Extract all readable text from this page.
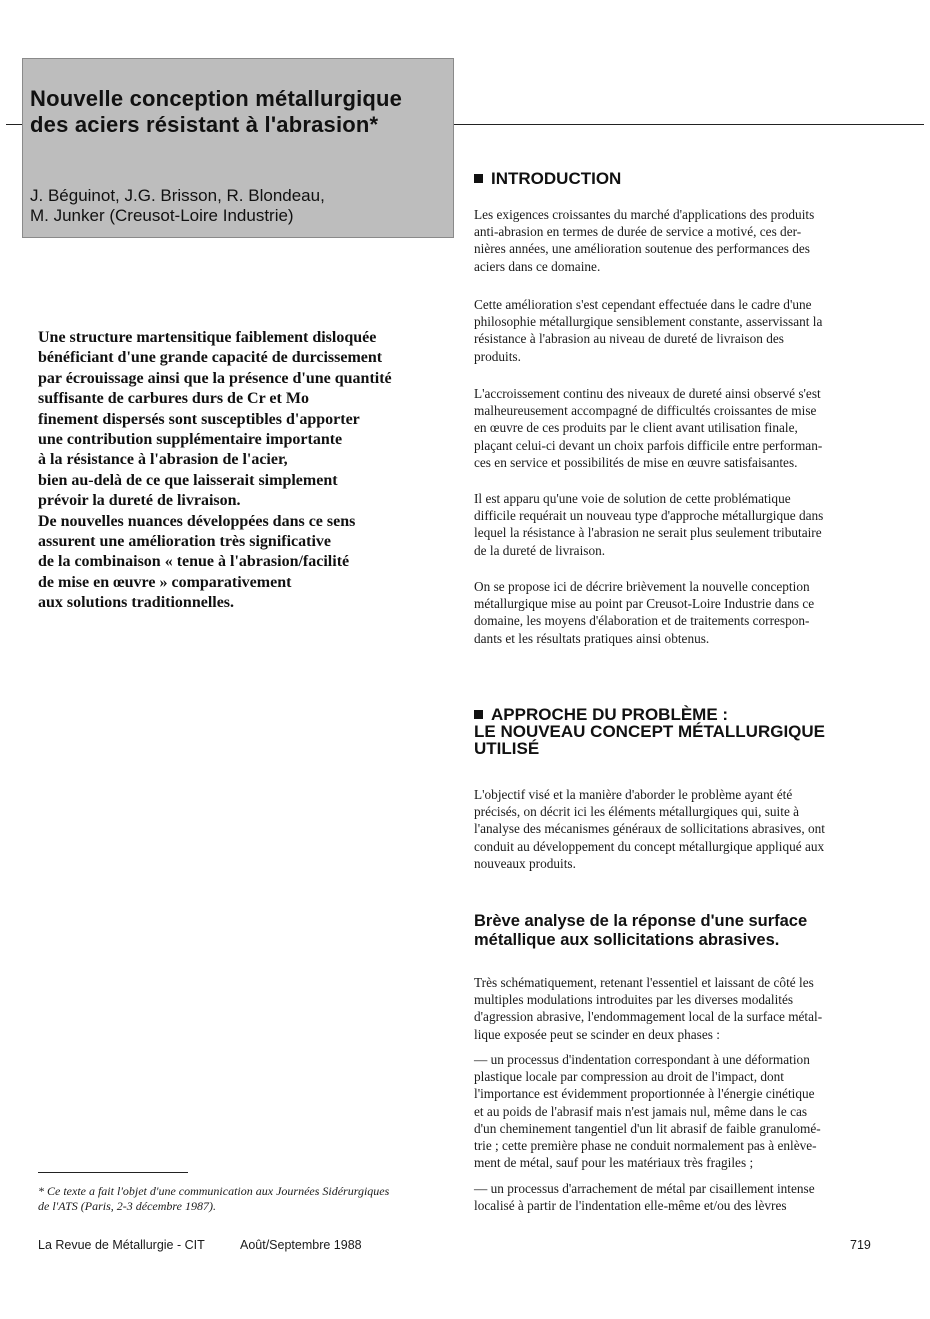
Nouvelle conception métallurgique
des aciers résistant à l'abrasion*
J. Béguinot, J.G. Brisson, R. Blondeau,
M. Junker (Creusot-Loire Industrie)
Une structure martensitique faiblement disloquée
bénéficiant d'une grande capacité de durcissement
par écrouissage ainsi que la présence d'une quantité
suffisante de carbures durs de Cr et Mo
finement dispersés sont susceptibles d'apporter
une contribution supplémentaire importante
à la résistance à l'abrasion de l'acier,
bien au-delà de ce que laisserait simplement
prévoir la dureté de livraison.
De nouvelles nuances développées dans ce sens
assurent une amélioration très significative
de la combinaison « tenue à l'abrasion/facilité
de mise en œuvre » comparativement
aux solutions traditionnelles.
INTRODUCTION
Les exigences croissantes du marché d'applications des produits
anti-abrasion en termes de durée de service a motivé, ces der-
nières années, une amélioration soutenue des performances des
aciers dans ce domaine.
Cette amélioration s'est cependant effectuée dans le cadre d'une
philosophie métallurgique sensiblement constante, asservissant la
résistance à l'abrasion au niveau de dureté de livraison des
produits.
L'accroissement continu des niveaux de dureté ainsi observé s'est
malheureusement accompagné de difficultés croissantes de mise
en œuvre de ces produits par le client avant utilisation finale,
plaçant celui-ci devant un choix parfois difficile entre performan-
ces en service et possibilités de mise en œuvre satisfaisantes.
Il est apparu qu'une voie de solution de cette problématique
difficile requérait un nouveau type d'approche métallurgique dans
lequel la résistance à l'abrasion ne serait plus seulement tributaire
de la dureté de livraison.
On se propose ici de décrire brièvement la nouvelle conception
métallurgique mise au point par Creusot-Loire Industrie dans ce
domaine, les moyens d'élaboration et de traitements correspon-
dants et les résultats pratiques ainsi obtenus.
APPROCHE DU PROBLÈME :
LE NOUVEAU CONCEPT MÉTALLURGIQUE
UTILISÉ
L'objectif visé et la manière d'aborder le problème ayant été
précisés, on décrit ici les éléments métallurgiques qui, suite à
l'analyse des mécanismes généraux de sollicitations abrasives, ont
conduit au développement du concept métallurgique appliqué aux
nouveaux produits.
Brève analyse de la réponse d'une surface
métallique aux sollicitations abrasives.
Très schématiquement, retenant l'essentiel et laissant de côté les
multiples modulations introduites par les diverses modalités
d'agression abrasive, l'endommagement local de la surface métal-
lique exposée peut se scinder en deux phases :
— un processus d'indentation correspondant à une déformation
plastique locale par compression au droit de l'impact, dont
l'importance est évidemment proportionnée à l'énergie cinétique
et au poids de l'abrasif mais n'est jamais nul, même dans le cas
d'un cheminement tangentiel d'un lit abrasif de faible granulomé-
trie ; cette première phase ne conduit normalement pas à enlève-
ment de métal, sauf pour les matériaux très fragiles ;
— un processus d'arrachement de métal par cisaillement intense
localisé à partir de l'indentation elle-même et/ou des lèvres
* Ce texte a fait l'objet d'une communication aux Journées Sidérurgiques
de l'ATS (Paris, 2-3 décembre 1987).
La Revue de Métallurgie - CIT	Août/Septembre 1988	719
